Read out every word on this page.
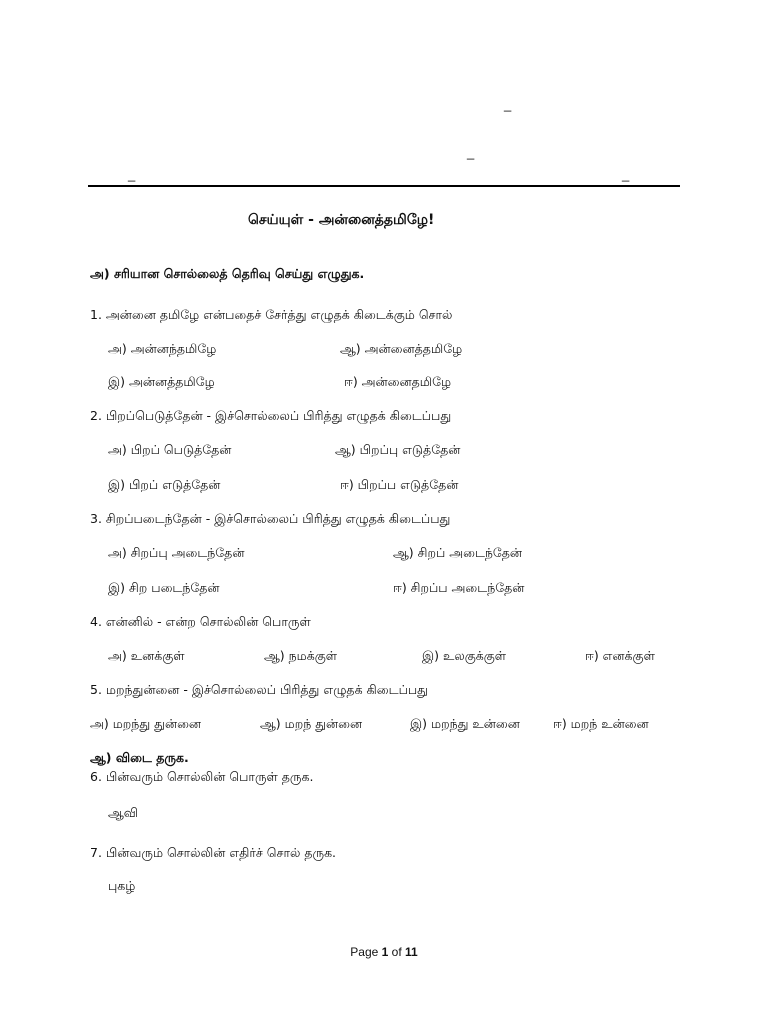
_
_
_	_
செய்யுள் - அன்னைத்தமிழே!
அ) சரியான சொல்லைத் தெரிவு செய்து எழுதுக.
1. அன்னை தமிழே என்பதைச் சேர்த்து எழுதக் கிடைக்கும் சொல்
அ) அன்னந்தமிழே	ஆ) அன்னைத்தமிழே
இ) அன்னத்தமிழே	ஈ) அன்னைதமிழே
2. பிறப்பெடுத்தேன் - இச்சொல்லைப் பிரித்து எழுதக் கிடைப்பது
அ) பிறப் பெடுத்தேன்	ஆ) பிறப்பு எடுத்தேன்
இ) பிறப் எடுத்தேன்	ஈ) பிறப்ப எடுத்தேன்
3. சிறப்படைந்தேன் - இச்சொல்லைப் பிரித்து எழுதக் கிடைப்பது
அ) சிறப்பு அடைந்தேன்	ஆ) சிறப் அடைந்தேன்
இ) சிற படைந்தேன்	ஈ) சிறப்ப அடைந்தேன்
4. என்னில் - என்ற சொல்லின் பொருள்
அ) உனக்குள்	ஆ) நமக்குள்	இ) உலகுக்குள்	ஈ) எனக்குள்
5. மறந்துன்னை - இச்சொல்லைப் பிரித்து எழுதக் கிடைப்பது
அ) மறந்து துன்னை	ஆ) மறந் துன்னை	இ) மறந்து உன்னை	ஈ) மறந் உன்னை
ஆ) விடை தருக.
6. பின்வரும் சொல்லின் பொருள் தருக.
ஆவி
7. பின்வரும் சொல்லின் எதிர்ச் சொல் தருக.
புகழ்
Page 1 of 11
